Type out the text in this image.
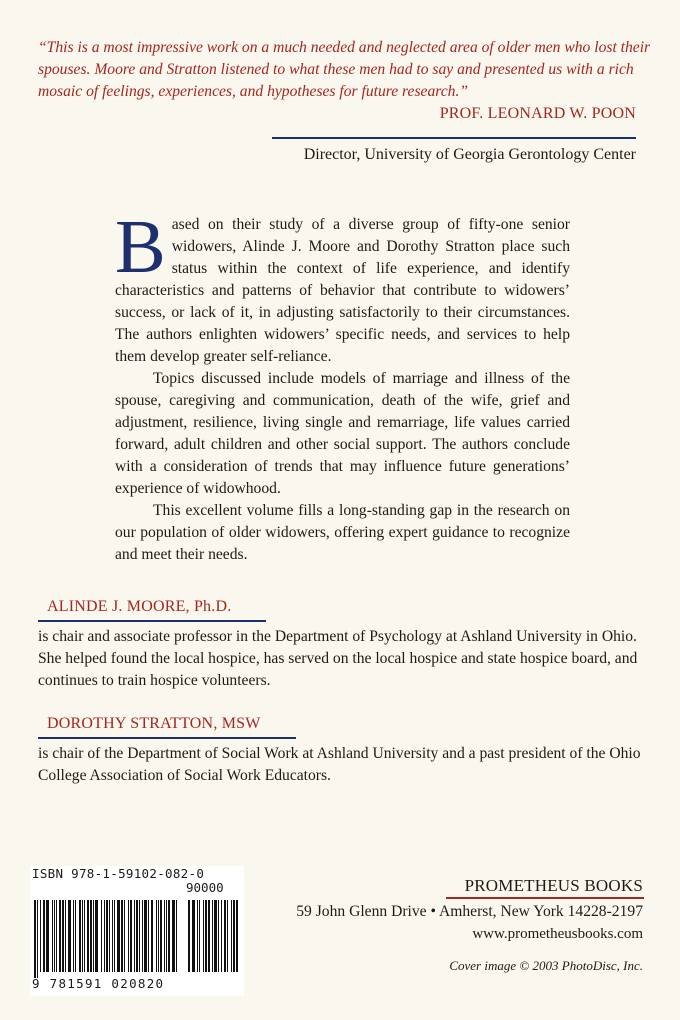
“This is a most impressive work on a much needed and neglected area of older men who lost their spouses. Moore and Stratton listened to what these men had to say and presented us with a rich mosaic of feelings, experiences, and hypotheses for future research.”
PROF. LEONARD W. POON
Director, University of Georgia Gerontology Center

Based on their study of a diverse group of fifty-one senior widowers, Alinde J. Moore and Dorothy Stratton place such status within the context of life experience, and identify characteristics and patterns of behavior that contribute to widowers’ success, or lack of it, in adjusting satisfactorily to their circumstances. The authors enlighten widowers’ specific needs, and services to help them develop greater self-reliance.

Topics discussed include models of marriage and illness of the spouse, caregiving and communication, death of the wife, grief and adjustment, resilience, living single and remarriage, life values carried forward, adult children and other social support. The authors conclude with a consideration of trends that may influence future generations’ experience of widowhood.

This excellent volume fills a long-standing gap in the research on our population of older widowers, offering expert guidance to recognize and meet their needs.

ALINDE J. MOORE, Ph.D.
is chair and associate professor in the Department of Psychology at Ashland University in Ohio. She helped found the local hospice, has served on the local hospice and state hospice board, and continues to train hospice volunteers.
DOROTHY STRATTON, MSW
is chair of the Department of Social Work at Ashland University and a past president of the Ohio College Association of Social Work Educators.
ISBN 978-1-59102-082-0
90000
9 781591 020820
PROMETHEUS BOOKS
59 John Glenn Drive • Amherst, New York 14228-2197
www.prometheusbooks.com
Cover image © 2003 PhotoDisc, Inc.
